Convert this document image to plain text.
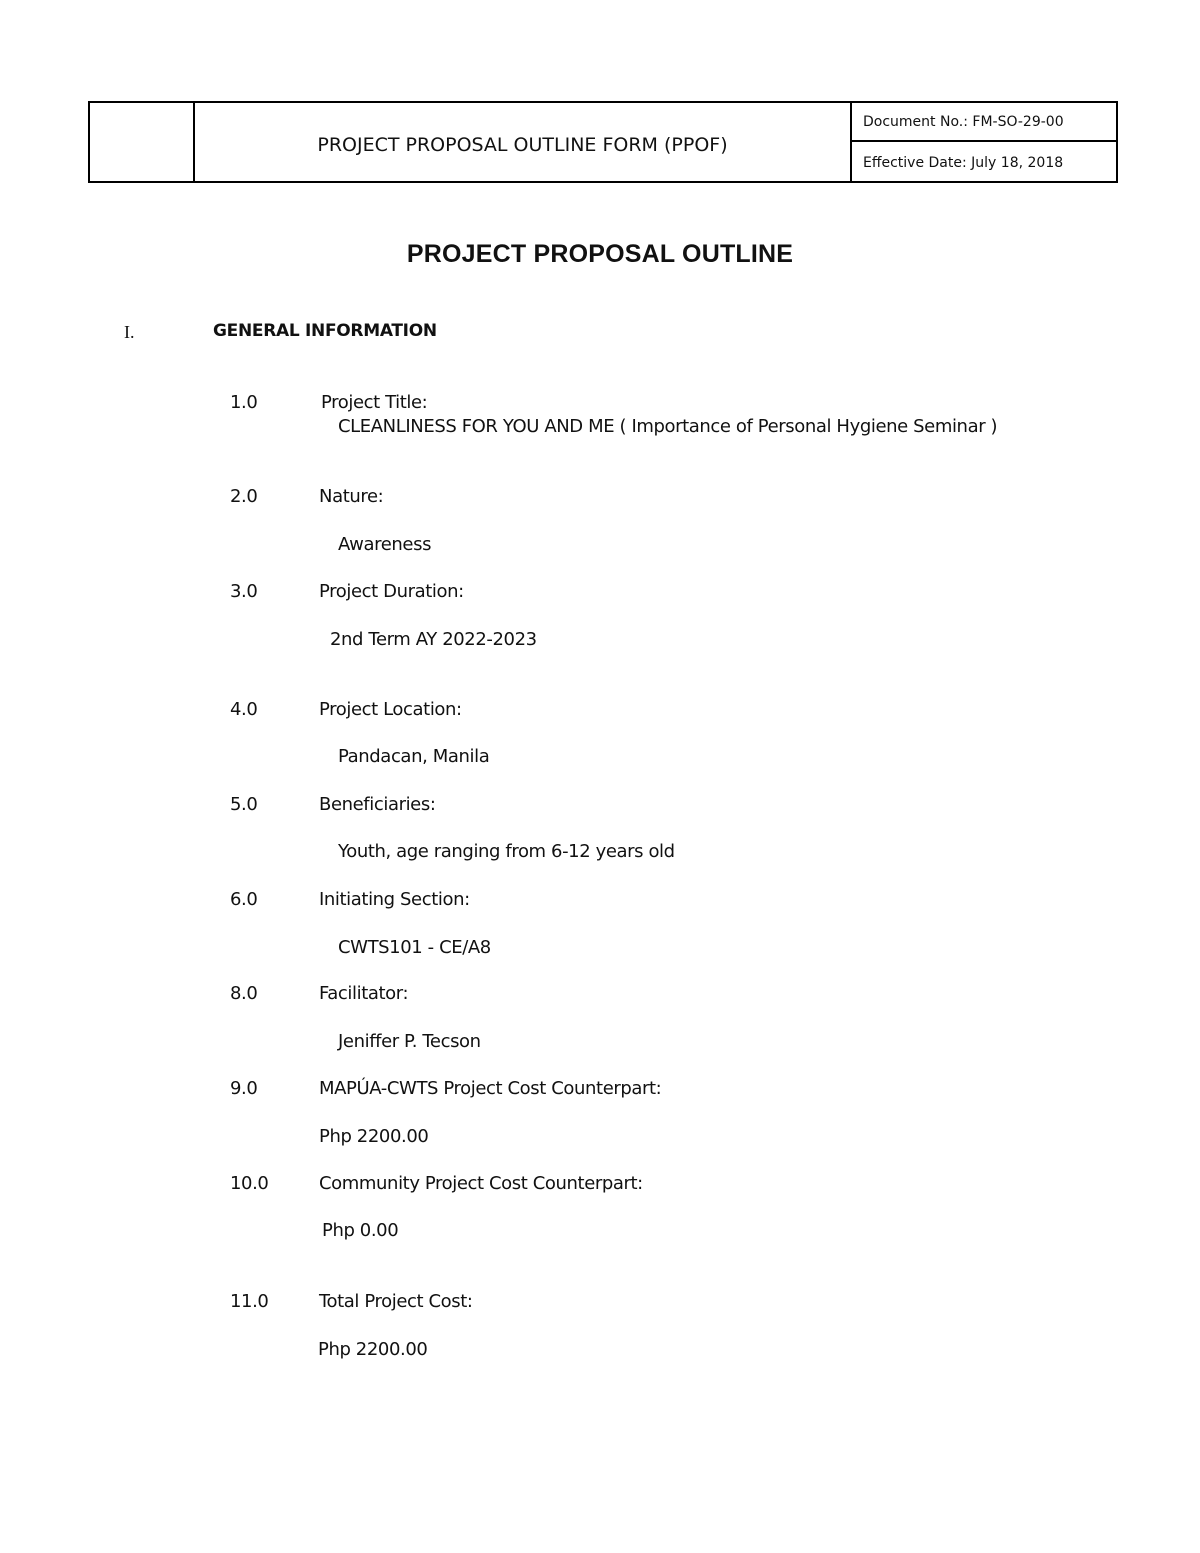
PROJECT PROPOSAL OUTLINE FORM (PPOF)
Document No.: FM-SO-29-00
Effective Date: July 18, 2018
PROJECT PROPOSAL OUTLINE
I.	GENERAL INFORMATION
1.0	Project Title:
CLEANLINESS FOR YOU AND ME ( Importance of Personal Hygiene Seminar )
2.0	Nature:
Awareness
3.0	Project Duration:
2nd Term AY 2022-2023
4.0	Project Location:
Pandacan, Manila
5.0	Beneficiaries:
Youth, age ranging from 6-12 years old
6.0	Initiating Section:
CWTS101 - CE/A8
8.0	Facilitator:
Jeniffer P. Tecson
9.0	MAPÚA-CWTS Project Cost Counterpart:
Php 2200.00
10.0	Community Project Cost Counterpart:
Php 0.00
11.0	Total Project Cost:
Php 2200.00
